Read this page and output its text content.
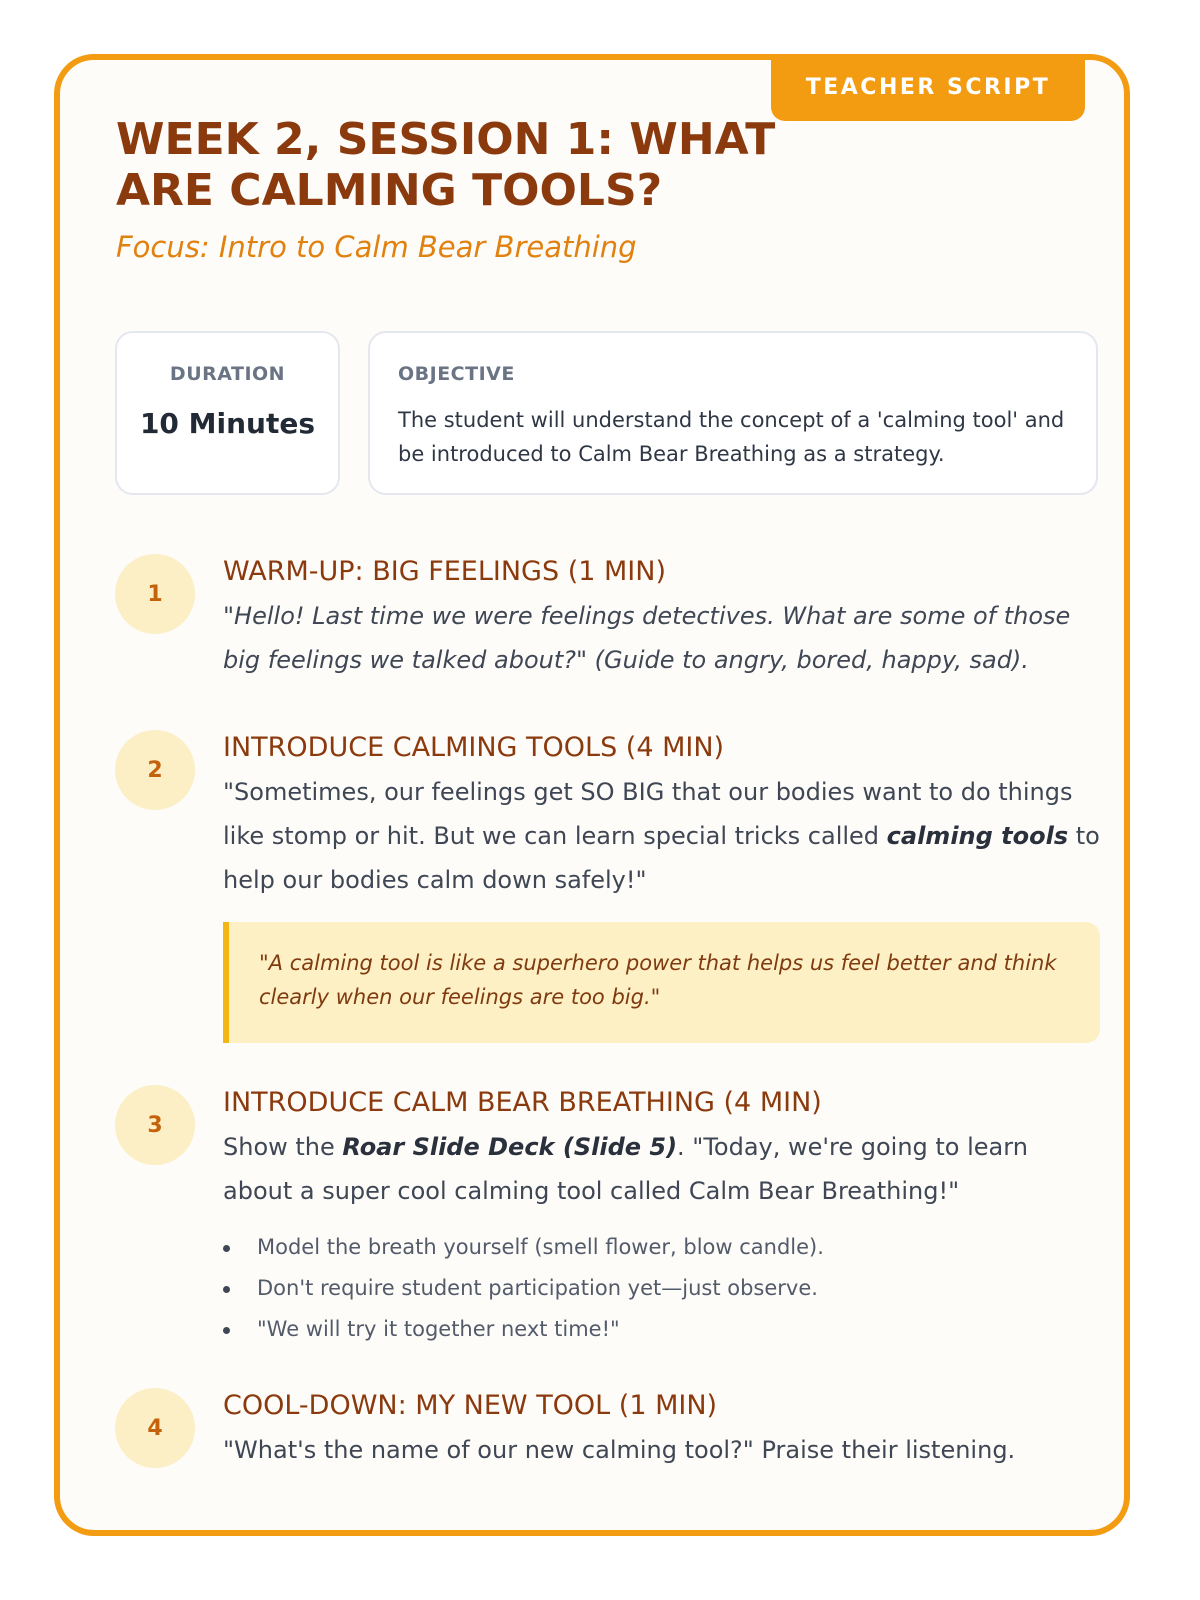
TEACHER SCRIPT
WEEK 2, SESSION 1: WHAT ARE CALMING TOOLS?

Focus: Intro to Calm Bear Breathing

DURATION
10 Minutes
OBJECTIVE
The student will understand the concept of a 'calming tool' and be introduced to Calm Bear Breathing as a strategy.
1
WARM-UP: BIG FEELINGS (1 MIN)

"Hello! Last time we were feelings detectives. What are some of those big feelings we talked about?" (Guide to angry, bored, happy, sad).

2
INTRODUCE CALMING TOOLS (4 MIN)

"Sometimes, our feelings get SO BIG that our bodies want to do things like stomp or hit. But we can learn special tricks called calming tools to help our bodies calm down safely!"

"A calming tool is like a superhero power that helps us feel better and think clearly when our feelings are too big."
3
INTRODUCE CALM BEAR BREATHING (4 MIN)

Show the Roar Slide Deck (Slide 5). "Today, we're going to learn about a super cool calming tool called Calm Bear Breathing!"

Model the breath yourself (smell flower, blow candle).
Don't require student participation yet—just observe.
"We will try it together next time!"
4
COOL-DOWN: MY NEW TOOL (1 MIN)

"What's the name of our new calming tool?" Praise their listening.
